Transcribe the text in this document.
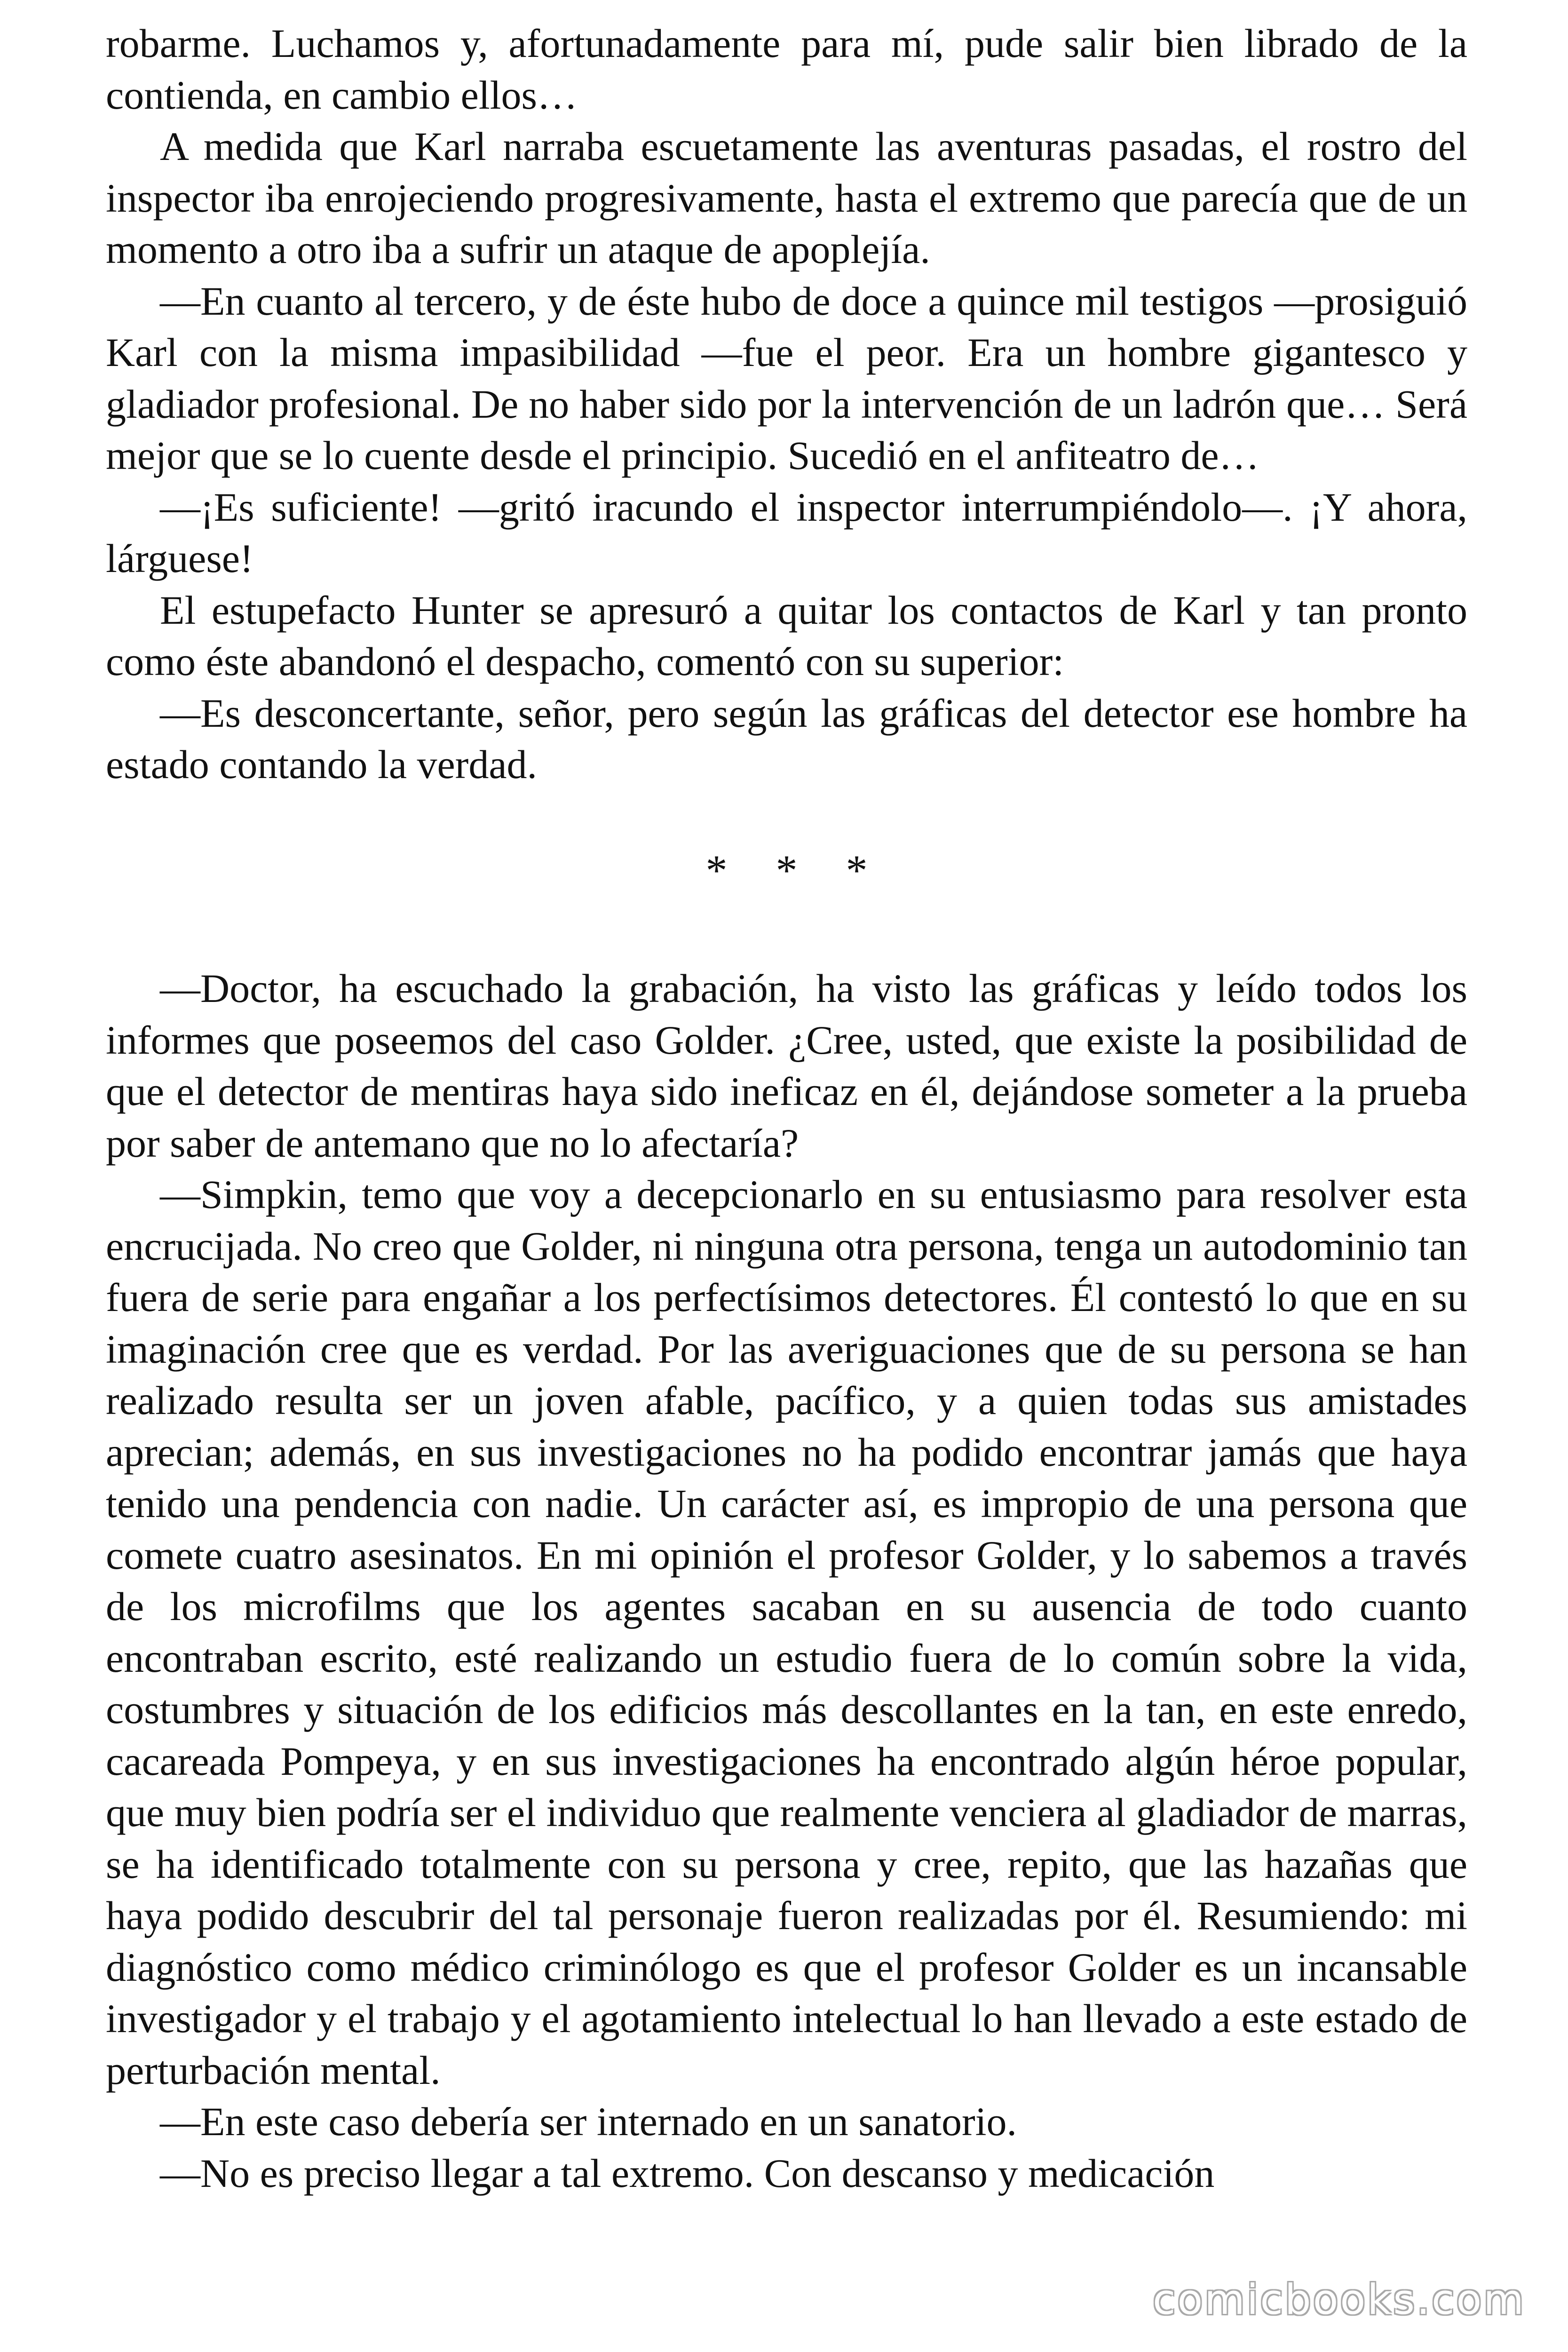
robarme. Luchamos y, afortunadamente para mí, pude salir bien librado de la contienda, en cambio ellos…

A medida que Karl narraba escuetamente las aventuras pasadas, el rostro del inspector iba enrojeciendo progresivamente, hasta el extremo que parecía que de un momento a otro iba a sufrir un ataque de apoplejía.

—En cuanto al tercero, y de éste hubo de doce a quince mil testigos —prosiguió Karl con la misma impasibilidad —fue el peor. Era un hombre gigantesco y gladiador profesional. De no haber sido por la intervención de un ladrón que… Será mejor que se lo cuente desde el principio. Sucedió en el anfiteatro de…

—¡Es suficiente! —gritó iracundo el inspector interrumpiéndolo—. ¡Y ahora, lárguese!

El estupefacto Hunter se apresuró a quitar los contactos de Karl y tan pronto como éste abandonó el despacho, comentó con su superior:

—Es desconcertante, señor, pero según las gráficas del detector ese hombre ha estado contando la verdad.

* * *

—Doctor, ha escuchado la grabación, ha visto las gráficas y leído todos los informes que poseemos del caso Golder. ¿Cree, usted, que existe la posibilidad de que el detector de mentiras haya sido ineficaz en él, dejándose someter a la prueba por saber de antemano que no lo afectaría?

—Simpkin, temo que voy a decepcionarlo en su entusiasmo para resolver esta encrucijada. No creo que Golder, ni ninguna otra persona, tenga un autodominio tan fuera de serie para engañar a los perfectísimos detectores. Él contestó lo que en su imaginación cree que es verdad. Por las averiguaciones que de su persona se han realizado resulta ser un joven afable, pacífico, y a quien todas sus amistades aprecian; además, en sus investigaciones no ha podido encontrar jamás que haya tenido una pendencia con nadie. Un carácter así, es impropio de una persona que comete cuatro asesinatos. En mi opinión el profesor Golder, y lo sabemos a través de los microfilms que los agentes sacaban en su ausencia de todo cuanto encontraban escrito, esté realizando un estudio fuera de lo común sobre la vida, costumbres y situación de los edificios más descollantes en la tan, en este enredo, cacareada Pompeya, y en sus investigaciones ha encontrado algún héroe popular, que muy bien podría ser el individuo que realmente venciera al gladiador de marras, se ha identificado totalmente con su persona y cree, repito, que las hazañas que haya podido descubrir del tal personaje fueron realizadas por él. Resumiendo: mi diagnóstico como médico criminólogo es que el profesor Golder es un incansable investigador y el trabajo y el agotamiento intelectual lo han llevado a este estado de perturbación mental.

—En este caso debería ser internado en un sanatorio.

—No es preciso llegar a tal extremo. Con descanso y medicación

comicbooks.com
